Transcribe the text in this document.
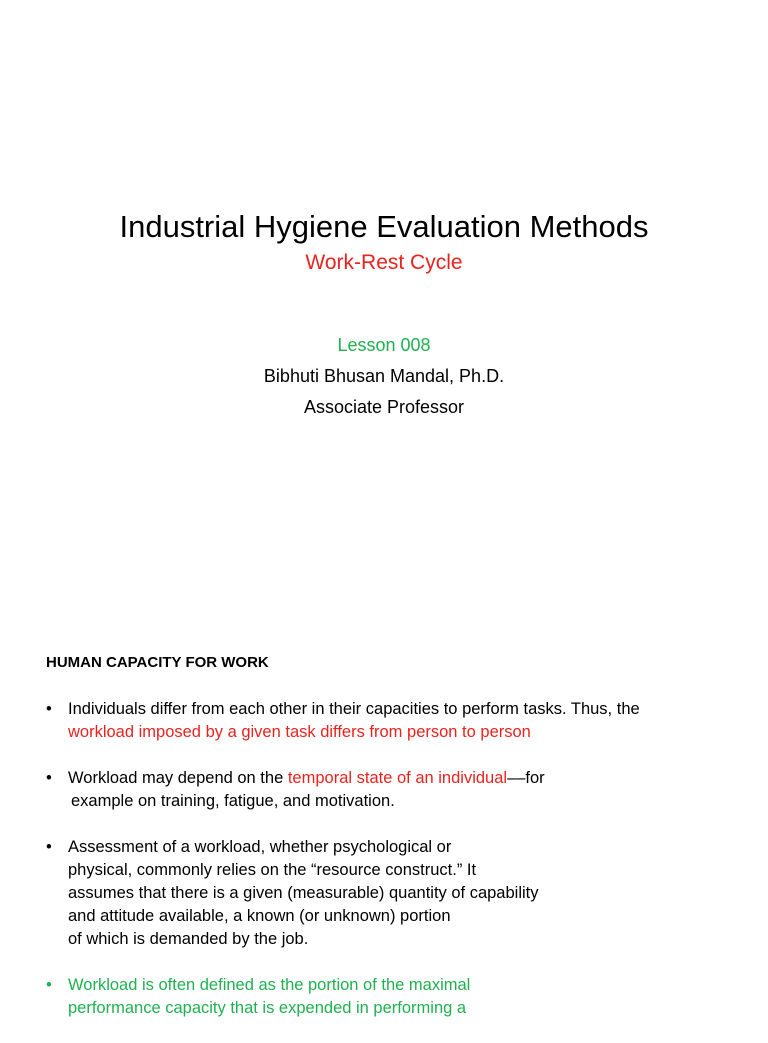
Industrial Hygiene Evaluation Methods
Work-Rest Cycle
Lesson 008
Bibhuti Bhusan Mandal, Ph.D.
Associate Professor
HUMAN CAPACITY FOR WORK
• Individuals differ from each other in their capacities to perform tasks. Thus, the
workload imposed by a given task differs from person to person
• Workload may depend on the temporal state of an individual––for
example on training, fatigue, and motivation.
• Assessment of a workload, whether psychological or
physical, commonly relies on the “resource construct.” It
assumes that there is a given (measurable) quantity of capability
and attitude available, a known (or unknown) portion
of which is demanded by the job.
• Workload is often defined as the portion of the maximal
performance capacity that is expended in performing a
